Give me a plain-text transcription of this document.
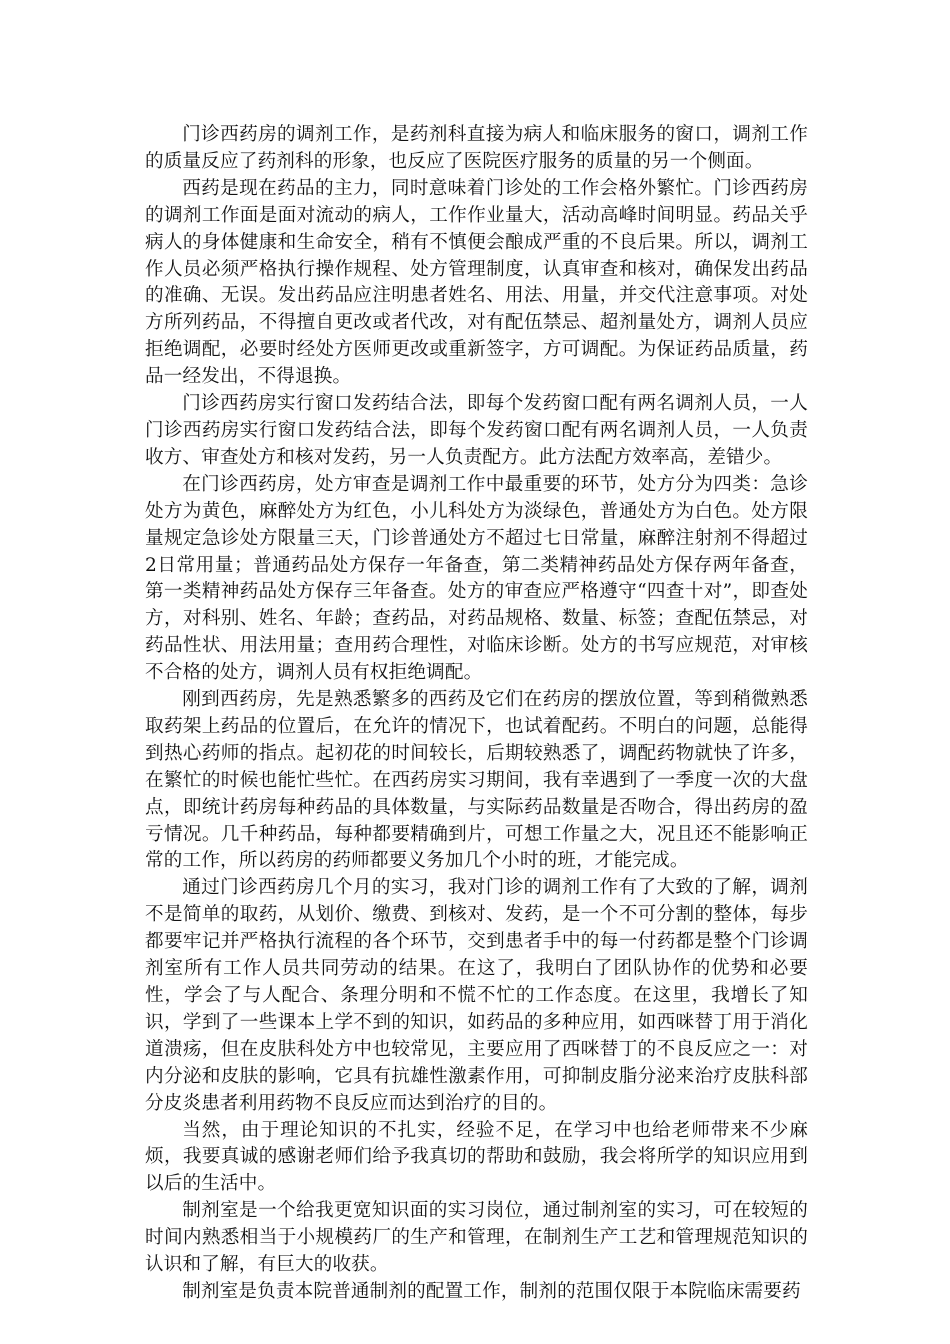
门诊西药房的调剂工作，是药剂科直接为病人和临床服务的窗口，调剂工作的质量反应了药剂科的形象，也反应了医院医疗服务的质量的另一个侧面。

西药是现在药品的主力，同时意味着门诊处的工作会格外繁忙。门诊西药房的调剂工作面是面对流动的病人，工作作业量大，活动高峰时间明显。药品关乎病人的身体健康和生命安全，稍有不慎便会酿成严重的不良后果。所以，调剂工作人员必须严格执行操作规程、处方管理制度，认真审查和核对，确保发出药品的准确、无误。发出药品应注明患者姓名、用法、用量，并交代注意事项。对处方所列药品，不得擅自更改或者代改，对有配伍禁忌、超剂量处方，调剂人员应拒绝调配，必要时经处方医师更改或重新签字，方可调配。为保证药品质量，药品一经发出，不得退换。

门诊西药房实行窗口发药结合法，即每个发药窗口配有两名调剂人员，一人门诊西药房实行窗口发药结合法，即每个发药窗口配有两名调剂人员，一人负责收方、审查处方和核对发药，另一人负责配方。此方法配方效率高，差错少。

在门诊西药房，处方审查是调剂工作中最重要的环节，处方分为四类：急诊处方为黄色，麻醉处方为红色，小儿科处方为淡绿色，普通处方为白色。处方限量规定急诊处方限量三天，门诊普通处方不超过七日常量，麻醉注射剂不得超过2日常用量；普通药品处方保存一年备查，第二类精神药品处方保存两年备查，第一类精神药品处方保存三年备查。处方的审查应严格遵守“四查十对”，即查处方，对科别、姓名、年龄；查药品，对药品规格、数量、标签；查配伍禁忌，对药品性状、用法用量；查用药合理性，对临床诊断。处方的书写应规范，对审核不合格的处方，调剂人员有权拒绝调配。

刚到西药房，先是熟悉繁多的西药及它们在药房的摆放位置，等到稍微熟悉取药架上药品的位置后，在允许的情况下，也试着配药。不明白的问题，总能得到热心药师的指点。起初花的时间较长，后期较熟悉了，调配药物就快了许多，在繁忙的时候也能忙些忙。在西药房实习期间，我有幸遇到了一季度一次的大盘点，即统计药房每种药品的具体数量，与实际药品数量是否吻合，得出药房的盈亏情况。几千种药品，每种都要精确到片，可想工作量之大，况且还不能影响正常的工作，所以药房的药师都要义务加几个小时的班，才能完成。

通过门诊西药房几个月的实习，我对门诊的调剂工作有了大致的了解，调剂不是简单的取药，从划价、缴费、到核对、发药，是一个不可分割的整体，每步都要牢记并严格执行流程的各个环节，交到患者手中的每一付药都是整个门诊调剂室所有工作人员共同劳动的结果。在这了，我明白了团队协作的优势和必要性，学会了与人配合、条理分明和不慌不忙的工作态度。在这里，我增长了知识，学到了一些课本上学不到的知识，如药品的多种应用，如西咪替丁用于消化道溃疡，但在皮肤科处方中也较常见，主要应用了西咪替丁的不良反应之一：对内分泌和皮肤的影响，它具有抗雄性激素作用，可抑制皮脂分泌来治疗皮肤科部分皮炎患者利用药物不良反应而达到治疗的目的。

当然，由于理论知识的不扎实，经验不足，在学习中也给老师带来不少麻烦，我要真诚的感谢老师们给予我真切的帮助和鼓励，我会将所学的知识应用到以后的生活中。

制剂室是一个给我更宽知识面的实习岗位，通过制剂室的实习，可在较短的时间内熟悉相当于小规模药厂的生产和管理，在制剂生产工艺和管理规范知识的认识和了解，有巨大的收获。

制剂室是负责本院普通制剂的配置工作，制剂的范围仅限于本院临床需要药
